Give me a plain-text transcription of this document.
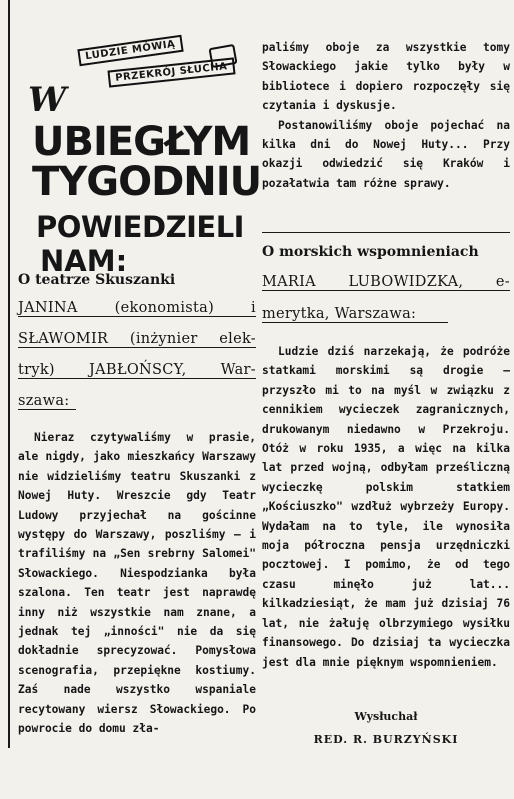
LUDZIE MÓWIĄ
PRZEKRÓJ SŁUCHA
W
UBIEGŁYM
TYGODNIU
POWIEDZIELI
NAM:
O teatrze Skuszanki
JANINA (ekonomista) i
SŁAWOMIR (inżynier elek-
tryk) JABŁOŃSCY, War-
szawa:

Nieraz czytywaliśmy w prasie, ale nigdy, jako mieszkańcy Warszawy nie widzieliśmy teatru Skuszanki z Nowej Huty. Wreszcie gdy Teatr Ludowy przyjechał na gościnne występy do Warszawy, poszliśmy — i trafiliśmy na „Sen srebrny Salomei" Słowackiego. Niespodzianka była szalona. Ten teatr jest naprawdę inny niż wszystkie nam znane, a jednak tej „inności" nie da się dokładnie sprecyzować. Pomysłowa scenografia, przepiękne kostiumy. Zaś nade wszystko wspaniale recytowany wiersz Słowackiego. Po powrocie do domu zła-

paliśmy oboje za wszystkie tomy Słowackiego jakie tylko były w bibliotece i dopiero rozpoczęły się czytania i dyskusje.

Postanowiliśmy oboje pojechać na kilka dni do Nowej Huty... Przy okazji odwiedzić się Kraków i pozałatwia tam różne sprawy.

O morskich wspomnieniach
MARIA LUBOWIDZKA, e-
merytka, Warszawa:

Ludzie dziś narzekają, że podróże statkami morskimi są drogie — przyszło mi to na myśl w związku z cennikiem wycieczek zagranicznych, drukowanym niedawno w Przekroju. Otóż w roku 1935, a więc na kilka lat przed wojną, odbyłam prześliczną wycieczkę polskim statkiem „Kościuszko" wzdłuż wybrzeży Europy. Wydałam na to tyle, ile wynosiła moja półroczna pensja urzędniczki pocztowej. I pomimo, że od tego czasu minęło już lat... kilkadziesiąt, że mam już dzisiaj 76 lat, nie żałuję olbrzymiego wysiłku finansowego. Do dzisiaj ta wycieczka jest dla mnie pięknym wspomnieniem.

Wysłuchał
RED. R. BURZYŃSKI
